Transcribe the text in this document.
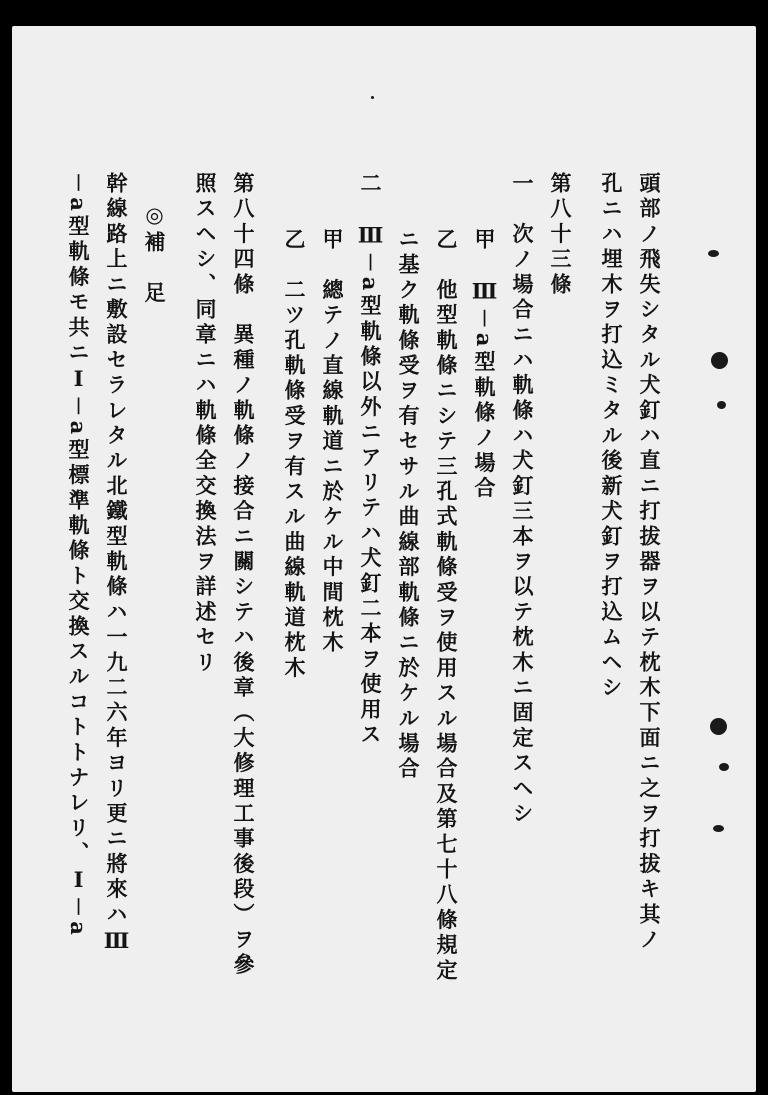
頭部ノ飛失シタル犬釘ハ直ニ打拔器ヲ以テ枕木下面ニ之ヲ打拔キ其ノ
孔ニハ埋木ヲ打込ミタル後新犬釘ヲ打込ムヘシ
第八十三條
一　次ノ場合ニハ軌條ハ犬釘三本ヲ以テ枕木ニ固定スヘシ
甲　Ⅲ－a型軌條ノ場合
乙　他型軌條ニシテ三孔式軌條受ヲ使用スル場合及第七十八條規定
ニ基ク軌條受ヲ有セサル曲線部軌條ニ於ケル場合
二　Ⅲ－a型軌條以外ニアリテハ犬釘二本ヲ使用ス
甲　總テノ直線軌道ニ於ケル中間枕木
乙　二ツ孔軌條受ヲ有スル曲線軌道枕木
第八十四條　異種ノ軌條ノ接合ニ關シテハ後章（大修理工事後段）ヲ參
照スヘシ、同章ニハ軌條全交換法ヲ詳述セリ
◎補　足
幹線路上ニ敷設セラレタル北鐵型軌條ハ一九二六年ヨリ更ニ將來ハⅢ
－a型軌條モ共ニⅠ－a型標準軌條ト交換スルコトトナレリ、Ⅰ－a
